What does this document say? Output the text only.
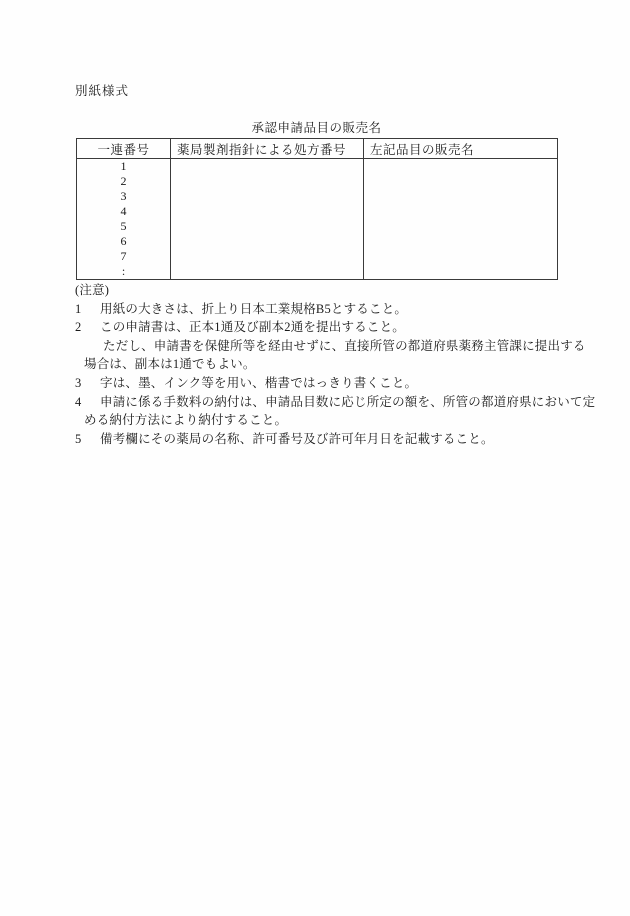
別紙様式
承認申請品目の販売名
一連番号	薬局製剤指針による処方番号	左記品目の販売名

1
2
3
4
5
6
7
:

(注意)
1 用紙の大きさは、折上り日本工業規格B5とすること。
2 この申請書は、正本1通及び副本2通を提出すること。
ただし、申請書を保健所等を経由せずに、直接所管の都道府県薬務主管課に提出する
場合は、副本は1通でもよい。
3 字は、墨、インク等を用い、楷書ではっきり書くこと。
4 申請に係る手数料の納付は、申請品目数に応じ所定の額を、所管の都道府県において定
める納付方法により納付すること。
5 備考欄にその薬局の名称、許可番号及び許可年月日を記載すること。
